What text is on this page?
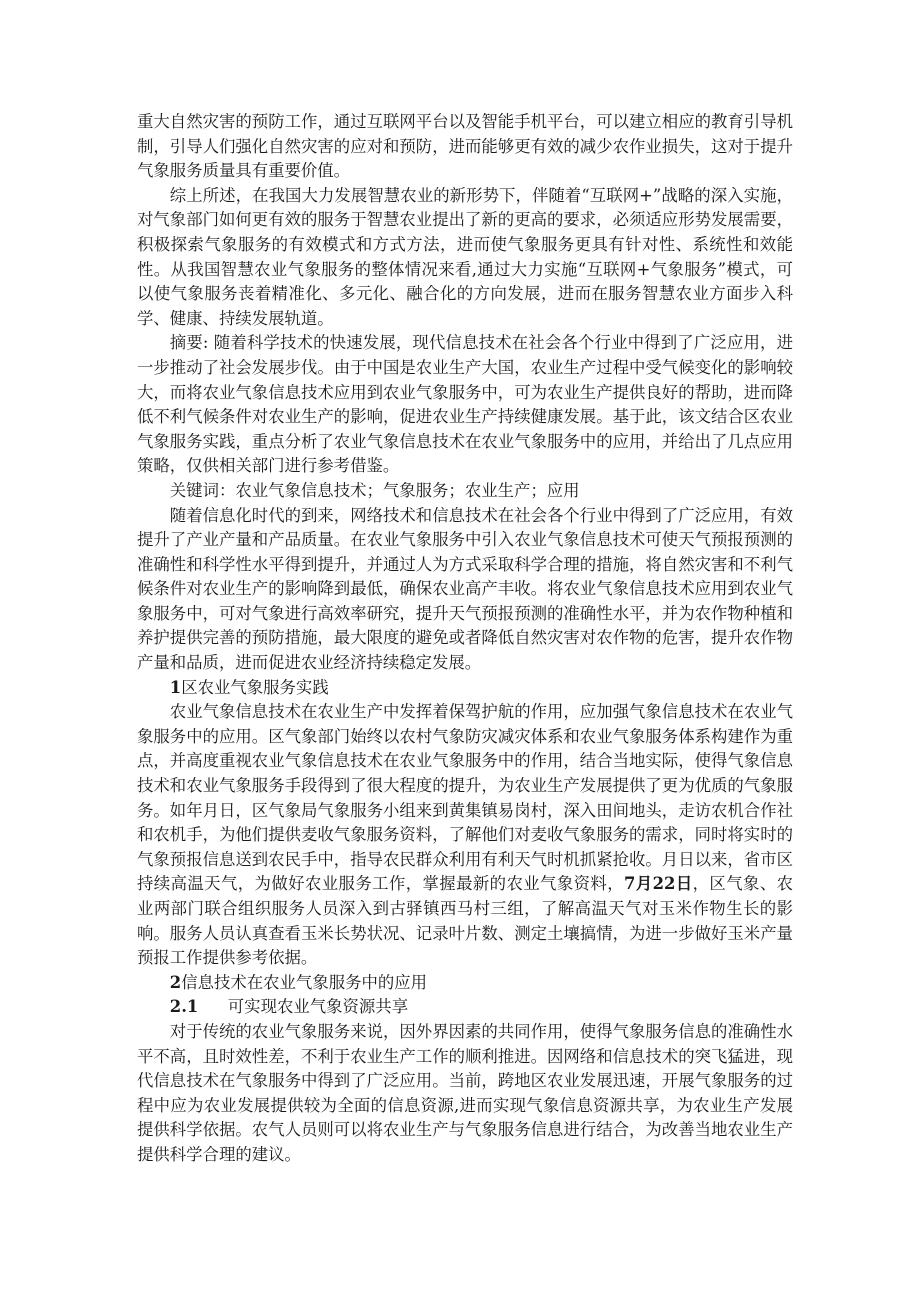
重大自然灾害的预防工作，通过互联网平台以及智能手机平台，可以建立相应的教育引导机制，引导人们强化自然灾害的应对和预防，进而能够更有效的减少农作业损失，这对于提升气象服务质量具有重要价值。

综上所述，在我国大力发展智慧农业的新形势下，伴随着“互联网+”战略的深入实施，对气象部门如何更有效的服务于智慧农业提出了新的更高的要求，必须适应形势发展需要，积极探索气象服务的有效模式和方式方法，进而使气象服务更具有针对性、系统性和效能性。从我国智慧农业气象服务的整体情况来看,通过大力实施“互联网+气象服务”模式，可以使气象服务丧着精准化、多元化、融合化的方向发展，进而在服务智慧农业方面步入科学、健康、持续发展轨道。

摘要: 随着科学技术的快速发展，现代信息技术在社会各个行业中得到了广泛应用，进一步推动了社会发展步伐。由于中国是农业生产大国，农业生产过程中受气候变化的影响较大，而将农业气象信息技术应用到农业气象服务中，可为农业生产提供良好的帮助，进而降低不利气候条件对农业生产的影响，促进农业生产持续健康发展。基于此，该文结合区农业气象服务实践，重点分析了农业气象信息技术在农业气象服务中的应用，并给出了几点应用策略，仅供相关部门进行参考借鉴。

关键词：农业气象信息技术；气象服务；农业生产；应用

随着信息化时代的到来，网络技术和信息技术在社会各个行业中得到了广泛应用，有效提升了产业产量和产品质量。在农业气象服务中引入农业气象信息技术可使天气预报预测的准确性和科学性水平得到提升，并通过人为方式采取科学合理的措施，将自然灾害和不利气候条件对农业生产的影响降到最低，确保农业高产丰收。将农业气象信息技术应用到农业气象服务中，可对气象进行高效率研究，提升天气预报预测的准确性水平，并为农作物种植和养护提供完善的预防措施，最大限度的避免或者降低自然灾害对农作物的危害，提升农作物产量和品质，进而促进农业经济持续稳定发展。

1区农业气象服务实践

农业气象信息技术在农业生产中发挥着保驾护航的作用，应加强气象信息技术在农业气象服务中的应用。区气象部门始终以农村气象防灾减灾体系和农业气象服务体系构建作为重点，并高度重视农业气象信息技术在农业气象服务中的作用，结合当地实际，使得气象信息技术和农业气象服务手段得到了很大程度的提升，为农业生产发展提供了更为优质的气象服务。如年月日，区气象局气象服务小组来到黄集镇易岗村，深入田间地头，走访农机合作社和农机手，为他们提供麦收气象服务资料，了解他们对麦收气象服务的需求，同时将实时的气象预报信息送到农民手中，指导农民群众利用有利天气时机抓紧抢收。月日以来，省市区持续高温天气，为做好农业服务工作，掌握最新的农业气象资料，7月22日，区气象、农业两部门联合组织服务人员深入到古驿镇西马村三组，了解高温天气对玉米作物生长的影响。服务人员认真查看玉米长势状况、记录叶片数、测定土壤搞情，为进一步做好玉米产量预报工作提供参考依据。

2信息技术在农业气象服务中的应用

2.1 可实现农业气象资源共享

对于传统的农业气象服务来说，因外界因素的共同作用，使得气象服务信息的准确性水平不高，且时效性差，不利于农业生产工作的顺利推进。因网络和信息技术的突飞猛进，现代信息技术在气象服务中得到了广泛应用。当前，跨地区农业发展迅速，开展气象服务的过程中应为农业发展提供较为全面的信息资源,进而实现气象信息资源共享，为农业生产发展提供科学依据。农气人员则可以将农业生产与气象服务信息进行结合，为改善当地农业生产提供科学合理的建议。
